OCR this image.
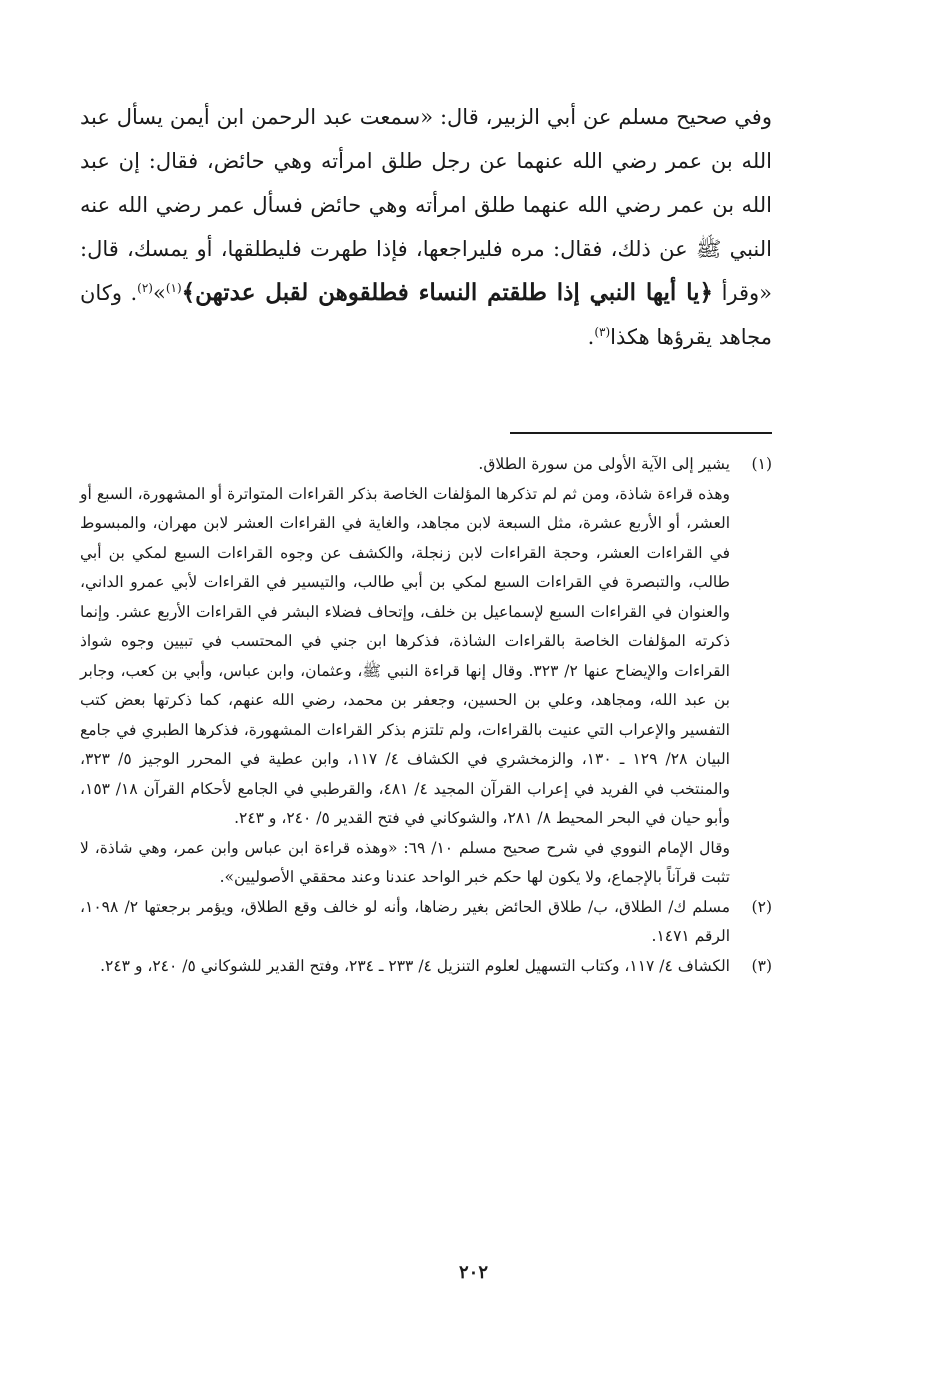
وفي صحيح مسلم عن أبي الزبير، قال: «سمعت عبد الرحمن ابن أيمن يسأل عبد الله بن عمر رضي الله عنهما عن رجل طلق امرأته وهي حائض، فقال: إن عبد الله بن عمر رضي الله عنهما طلق امرأته وهي حائض فسأل عمر رضي الله عنه النبي ﷺ عن ذلك، فقال: مره فليراجعها، فإذا طهرت فليطلقها، أو يمسك، قال: «وقرأ ﴿يا أيها النبي إذا طلقتم النساء فطلقوهن لقبل عدتهن﴾$^{(١)}$»$^{(٢)}$. وكان مجاهد يقرؤها هكذا$^{(٣)}$.

(١)

يشير إلى الآية الأولى من سورة الطلاق.

وهذه قراءة شاذة، ومن ثم لم تذكرها المؤلفات الخاصة بذكر القراءات المتواترة أو المشهورة، السبع أو العشر، أو الأربع عشرة، مثل السبعة لابن مجاهد، والغاية في القراءات العشر لابن مهران، والمبسوط في القراءات العشر، وحجة القراءات لابن زنجلة، والكشف عن وجوه القراءات السبع لمكي بن أبي طالب، والتبصرة في القراءات السبع لمكي بن أبي طالب، والتيسير في القراءات لأبي عمرو الداني، والعنوان في القراءات السبع لإسماعيل بن خلف، وإتحاف فضلاء البشر في القراءات الأربع عشر. وإنما ذكرته المؤلفات الخاصة بالقراءات الشاذة، فذكرها ابن جني في المحتسب في تبيين وجوه شواذ القراءات والإيضاح عنها ٢/ ٣٢٣. وقال إنها قراءة النبي ﷺ، وعثمان، وابن عباس، وأبي بن كعب، وجابر بن عبد الله، ومجاهد، وعلي بن الحسين، وجعفر بن محمد، رضي الله عنهم، كما ذكرتها بعض كتب التفسير والإعراب التي عنيت بالقراءات، ولم تلتزم بذكر القراءات المشهورة، فذكرها الطبري في جامع البيان ٢٨/ ١٢٩ ـ ١٣٠، والزمخشري في الكشاف ٤/ ١١٧، وابن عطية في المحرر الوجيز ٥/ ٣٢٣، والمنتخب في الفريد في إعراب القرآن المجيد ٤/ ٤٨١، والقرطبي في الجامع لأحكام القرآن ١٨/ ١٥٣، وأبو حيان في البحر المحيط ٨/ ٢٨١، والشوكاني في فتح القدير ٥/ ٢٤٠، و ٢٤٣.

وقال الإمام النووي في شرح صحيح مسلم ١٠/ ٦٩: «وهذه قراءة ابن عباس وابن عمر، وهي شاذة، لا تثبت قرآناً بالإجماع، ولا يكون لها حكم خبر الواحد عندنا وعند محققي الأصوليين».

(٢)

مسلم ك/ الطلاق، ب/ طلاق الحائض بغير رضاها، وأنه لو خالف وقع الطلاق، ويؤمر برجعتها ٢/ ١٠٩٨، الرقم ١٤٧١.

(٣)

الكشاف ٤/ ١١٧، وكتاب التسهيل لعلوم التنزيل ٤/ ٢٣٣ ـ ٢٣٤، وفتح القدير للشوكاني ٥/ ٢٤٠، و ٢٤٣.

٢٠٢
